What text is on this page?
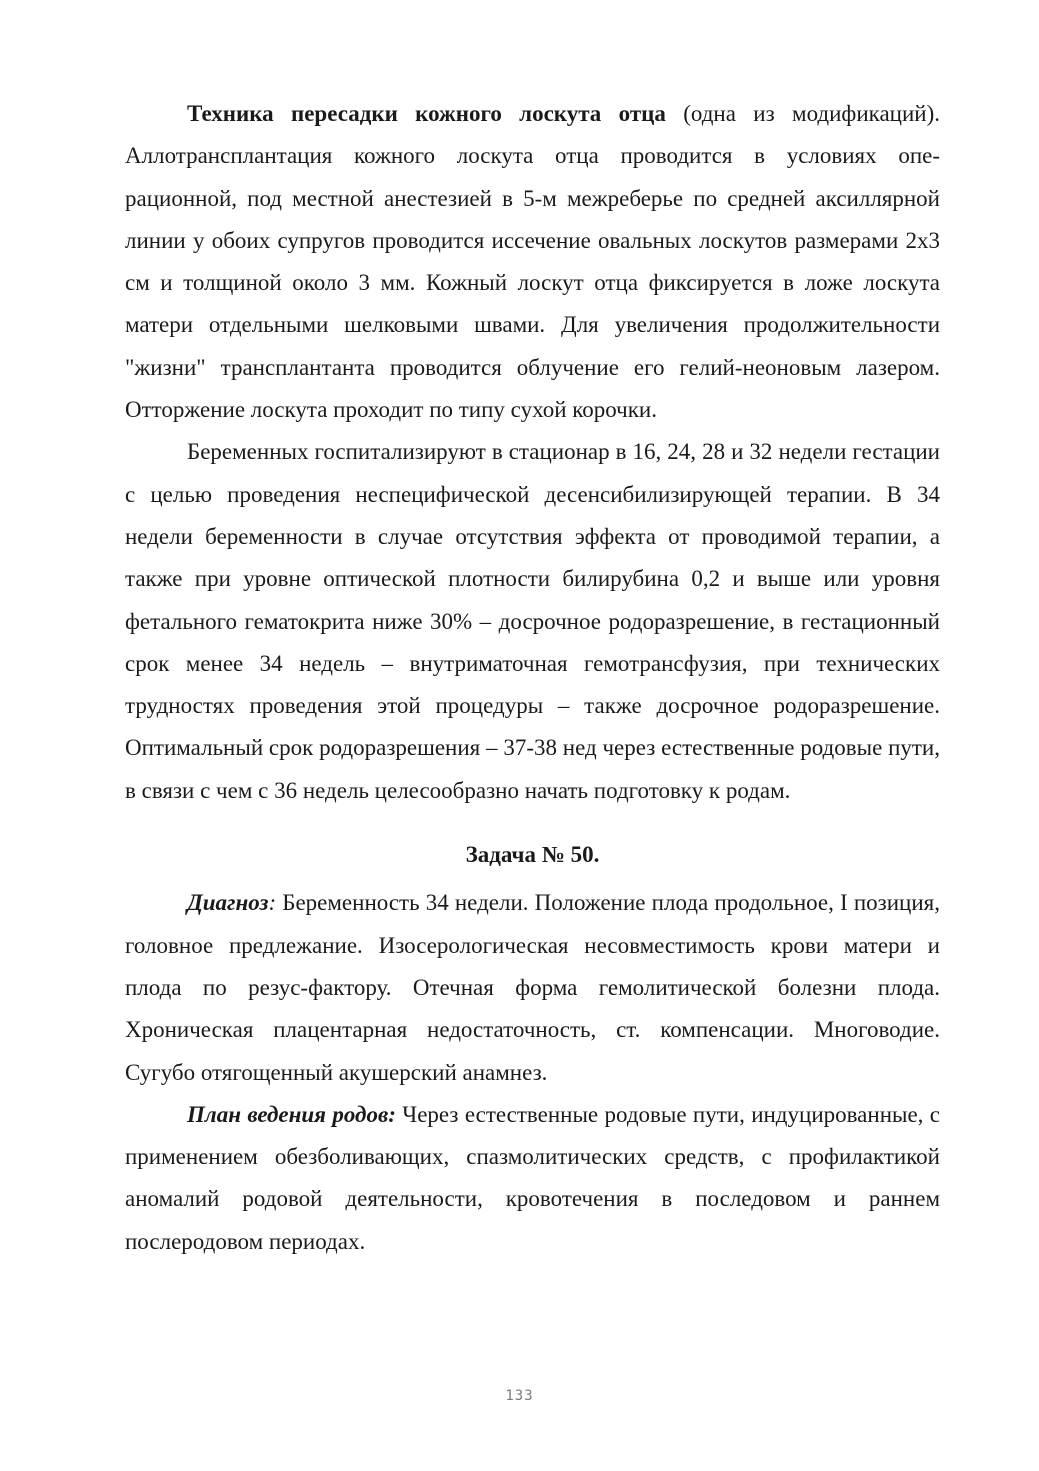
Техника пересадки кожного лоскута отца (одна из модификаций). Аллотрансплантация кожного лоскута отца проводится в условиях опе-рационной, под местной анестезией в 5-м межреберье по средней аксиллярной линии у обоих супругов проводится иссечение овальных лоскутов размерами 2х3 см и толщиной около 3 мм. Кожный лоскут отца фиксируется в ложе лоскута матери отдельными шелковыми швами. Для увеличения продолжительности "жизни" трансплантанта проводится облучение его гелий-неоновым лазером. Отторжение лоскута проходит по типу сухой корочки.

Беременных госпитализируют в стационар в 16, 24, 28 и 32 недели гестации с целью проведения неспецифической десенсибилизирующей терапии. В 34 недели беременности в случае отсутствия эффекта от проводимой терапии, а также при уровне оптической плотности билирубина 0,2 и выше или уровня фетального гематокрита ниже 30% – досрочное родоразрешение, в гестационный срок менее 34 недель – внутриматочная гемотрансфузия, при технических трудностях проведения этой процедуры – также досрочное родоразрешение. Оптимальный срок родоразрешения – 37-38 нед через естественные родовые пути, в связи с чем с 36 недель целесообразно начать подготовку к родам.

Задача № 50.

Диагноз: Беременность 34 недели. Положение плода продольное, I позиция, головное предлежание. Изосерологическая несовместимость крови матери и плода по резус-фактору. Отечная форма гемолитической болезни плода. Хроническая плацентарная недостаточность, ст. компенсации. Многоводие. Сугубо отягощенный акушерский анамнез.

План ведения родов: Через естественные родовые пути, индуцированные, с применением обезболивающих, спазмолитических средств, с профилактикой аномалий родовой деятельности, кровотечения в последовом и раннем послеродовом периодах.

133
